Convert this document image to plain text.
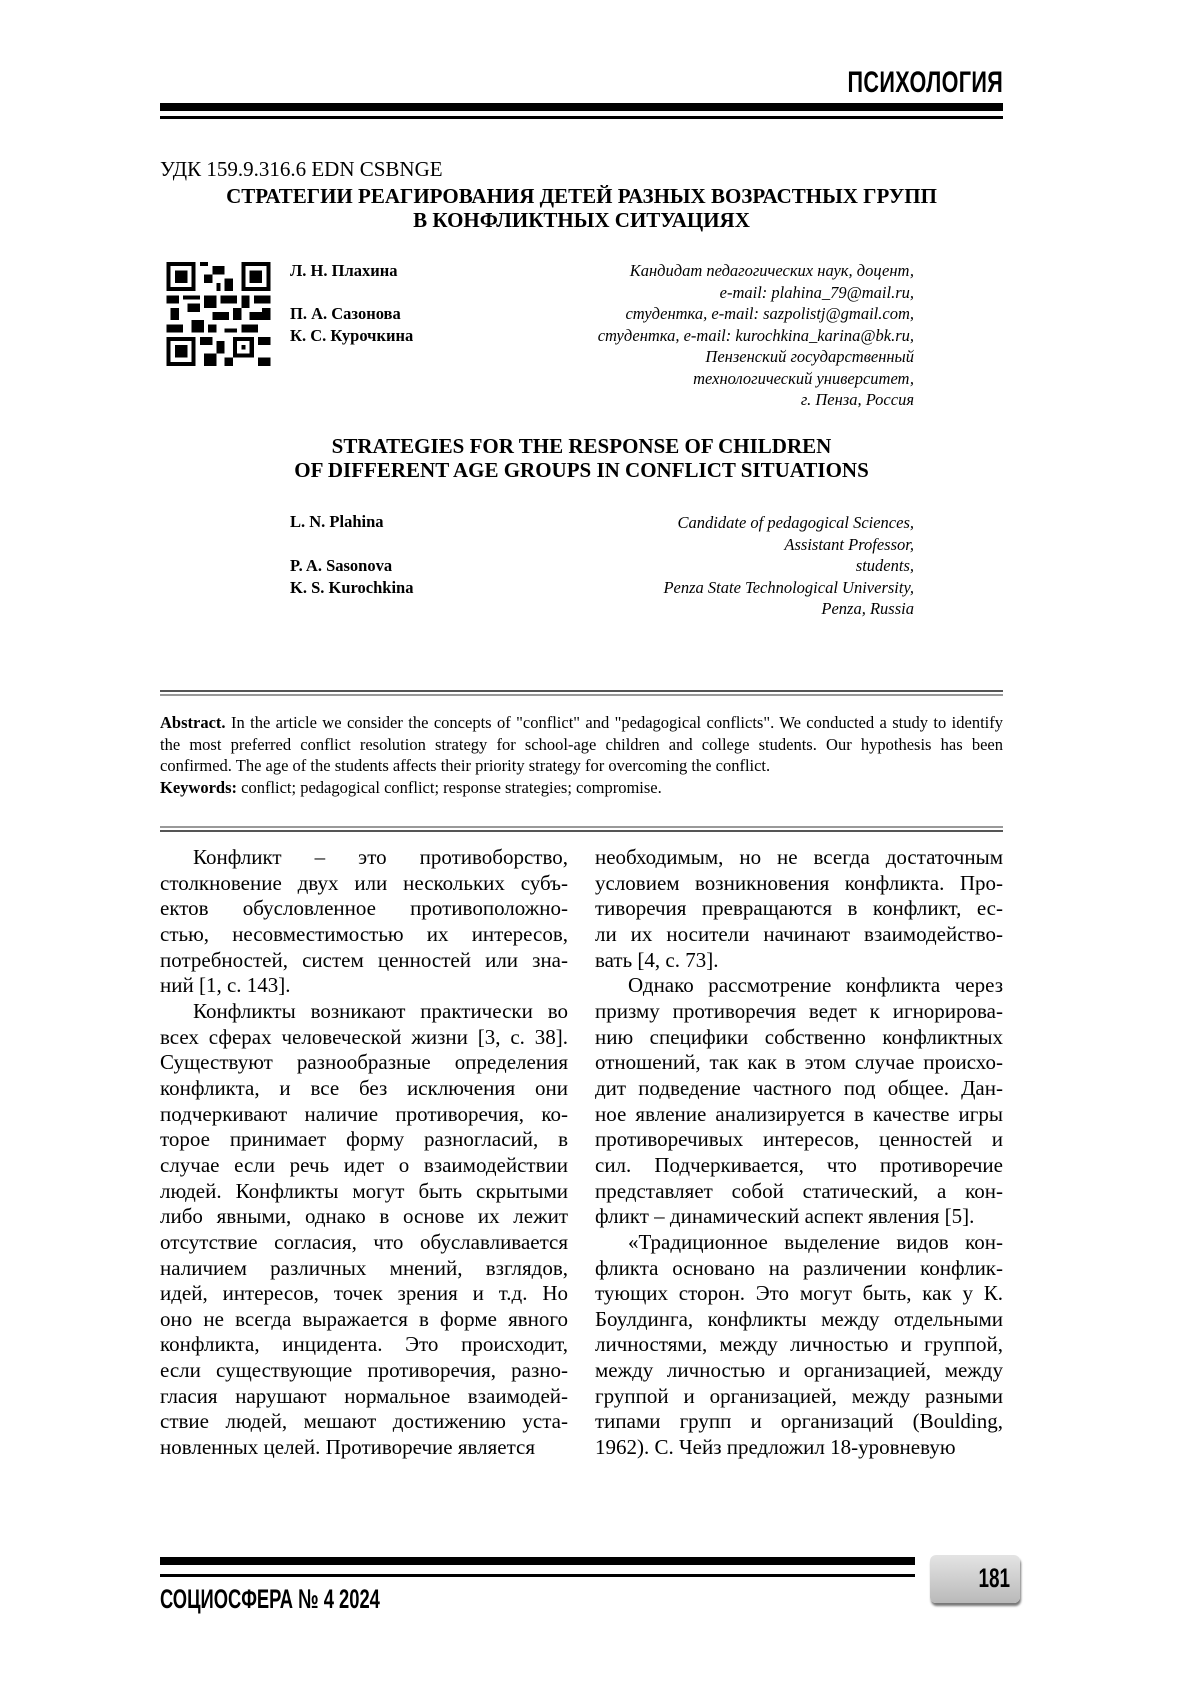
ПСИХОЛОГИЯ
УДК 159.9.316.6 EDN CSBNGE
СТРАТЕГИИ РЕАГИРОВАНИЯ ДЕТЕЙ РАЗНЫХ ВОЗРАСТНЫХ ГРУПП
В КОНФЛИКТНЫХ СИТУАЦИЯХ
Л. Н. Плахина
П. А. Сазонова
К. С. Курочкина
Кандидат педагогических наук, доцент,
e-mail: plahina_79@mail.ru,
студентка, e-mail: sazpolistj@gmail.com,
студентка, e-mail: kurochkina_karina@bk.ru,
Пензенский государственный
технологический университет,
г. Пенза, Россия
STRATEGIES FOR THE RESPONSE OF CHILDREN
OF DIFFERENT AGE GROUPS IN CONFLICT SITUATIONS
L. N. Plahina
P. A. Sasonova
K. S. Kurochkina
Candidate of pedagogical Sciences,
Assistant Professor,
students,
Penza State Technological University,
Penza, Russia
Abstract. In the article we consider the concepts of "conflict" and "pedagogical conflicts". We conducted a study to identify the most preferred conflict resolution strategy for school-age children and college students. Our hypothesis has been confirmed. The age of the students affects their priority strategy for overcoming the conflict.
Keywords: conflict; pedagogical conflict; response strategies; compromise.
Конфликт – это противоборство,
столкновение двух или нескольких субъ-
ектов обусловленное противоположно-
стью, несовместимостью их интересов,
потребностей, систем ценностей или зна-
ний [1, с. 143].
Конфликты возникают практически во
всех сферах человеческой жизни [3, с. 38].
Существуют разнообразные определения
конфликта, и все без исключения они
подчеркивают наличие противоречия, ко-
торое принимает форму разногласий, в
случае если речь идет о взаимодействии
людей. Конфликты могут быть скрытыми
либо явными, однако в основе их лежит
отсутствие согласия, что обуславливается
наличием различных мнений, взглядов,
идей, интересов, точек зрения и т.д. Но
оно не всегда выражается в форме явного
конфликта, инцидента. Это происходит,
если существующие противоречия, разно-
гласия нарушают нормальное взаимодей-
ствие людей, мешают достижению уста-
новленных целей. Противоречие является
необходимым, но не всегда достаточным
условием возникновения конфликта. Про-
тиворечия превращаются в конфликт, ес-
ли их носители начинают взаимодейство-
вать [4, с. 73].
Однако рассмотрение конфликта через
призму противоречия ведет к игнорирова-
нию специфики собственно конфликтных
отношений, так как в этом случае происхо-
дит подведение частного под общее. Дан-
ное явление анализируется в качестве игры
противоречивых интересов, ценностей и
сил. Подчеркивается, что противоречие
представляет собой статический, а кон-
фликт – динамический аспект явления [5].
«Традиционное выделение видов кон-
фликта основано на различении конфлик-
тующих сторон. Это могут быть, как у К.
Боулдинга, конфликты между отдельными
личностями, между личностью и группой,
между личностью и организацией, между
группой и организацией, между разными
типами групп и организаций (Boulding,
1962). С. Чейз предложил 18-уровневую
СОЦИОСФЕРА № 4 2024
181
